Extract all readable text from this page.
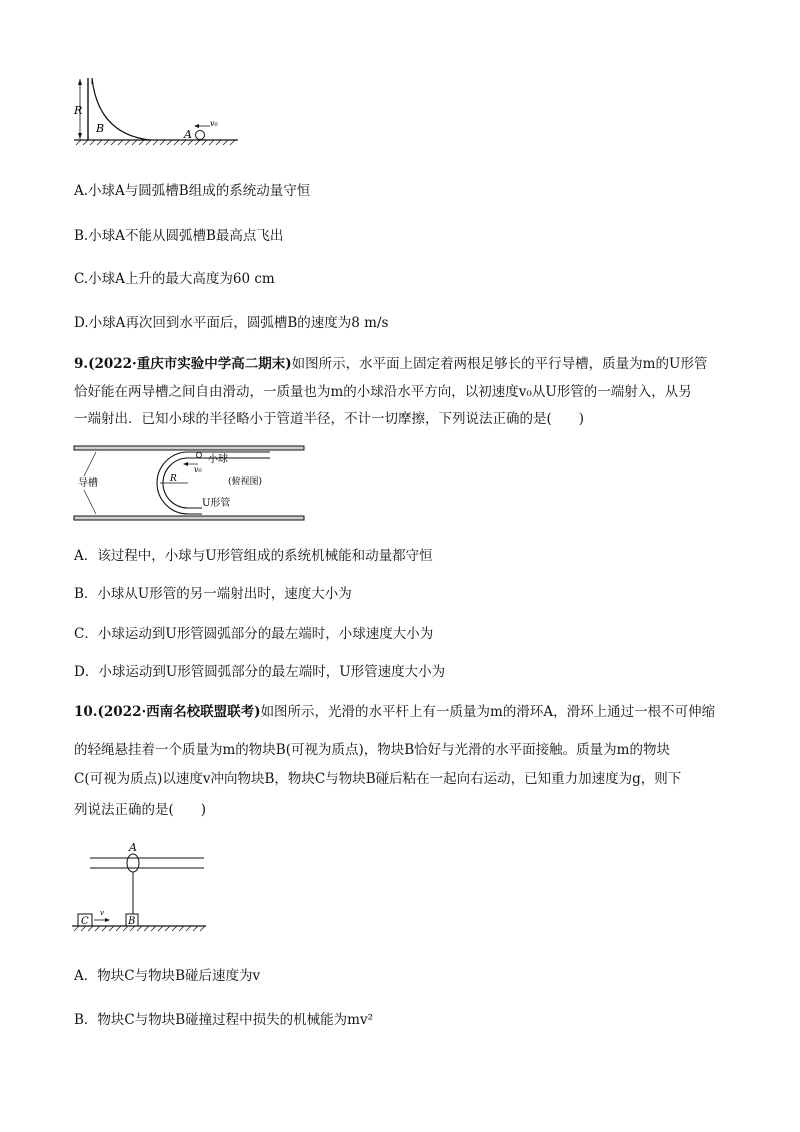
R
B	A
v₀
A.小球A与圆弧槽B组成的系统动量守恒
B.小球A不能从圆弧槽B最高点飞出
C.小球A上升的最大高度为60 cm
D.小球A再次回到水平面后，圆弧槽B的速度为8 m/s
9.(2022·重庆市实验中学高二期末)如图所示，水平面上固定着两根足够长的平行导槽，质量为m的U形管
恰好能在两导槽之间自由滑动，一质量也为m的小球沿水平方向，以初速度v₀从U形管的一端射入，从另
一端射出．已知小球的半径略小于管道半径，不计一切摩擦，下列说法正确的是(　　)
R
v₀
小球
(俯视图)
导槽
U形管
A．该过程中，小球与U形管组成的系统机械能和动量都守恒
B．小球从U形管的另一端射出时，速度大小为
C．小球运动到U形管圆弧部分的最左端时，小球速度大小为
D．小球运动到U形管圆弧部分的最左端时，U形管速度大小为
10.(2022·西南名校联盟联考)如图所示，光滑的水平杆上有一质量为m的滑环A，滑环上通过一根不可伸缩
的轻绳悬挂着一个质量为m的物块B(可视为质点)，物块B恰好与光滑的水平面接触。质量为m的物块
C(可视为质点)以速度v冲向物块B，物块C与物块B碰后粘在一起向右运动，已知重力加速度为g，则下
列说法正确的是(　　)
A
B
C
v
A．物块C与物块B碰后速度为v
B．物块C与物块B碰撞过程中损失的机械能为mv²
